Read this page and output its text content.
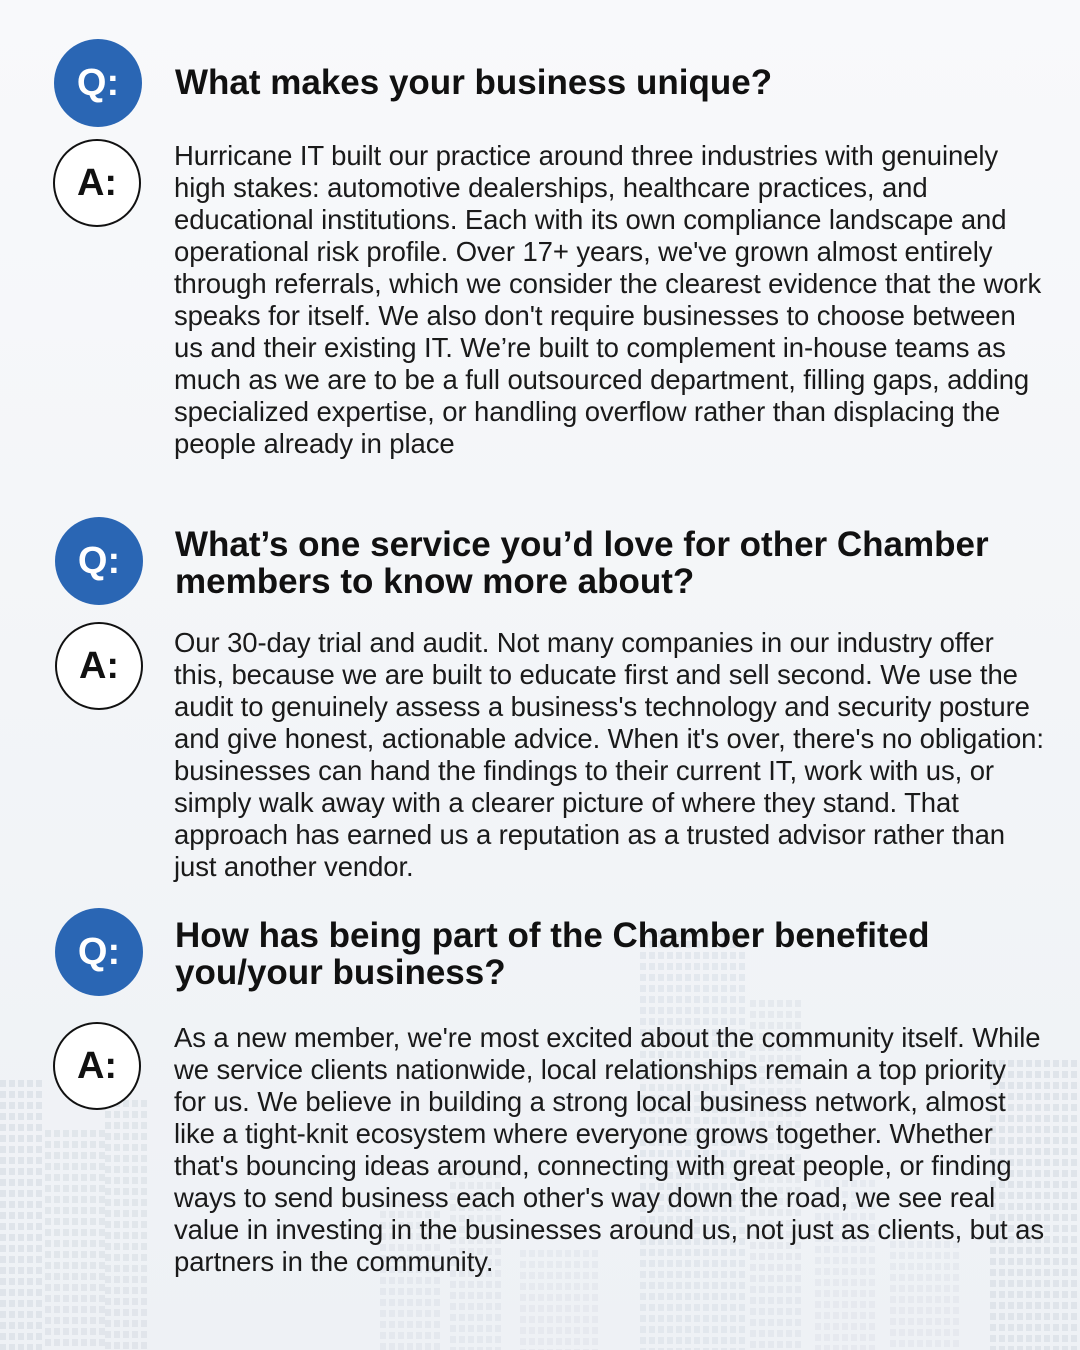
Q:	What makes your business unique?
A:

Hurricane IT built our practice around three industries with genuinely high stakes: automotive dealerships, healthcare practices, and educational institutions. Each with its own compliance landscape and operational risk profile. Over 17+ years, we've grown almost entirely through referrals, which we consider the clearest evidence that the work speaks for itself. We also don't require businesses to choose between us and their existing IT. We’re built to complement in-house teams as much as we are to be a full outsourced department, filling gaps, adding specialized expertise, or handling overflow rather than displacing the people already in place

Q:	What’s one service you’d love for other Chamber members to know more about?
A:

Our 30-day trial and audit. Not many companies in our industry offer this, because we are built to educate first and sell second. We use the audit to genuinely assess a business's technology and security posture and give honest, actionable advice. When it's over, there's no obligation: businesses can hand the findings to their current IT, work with us, or simply walk away with a clearer picture of where they stand. That approach has earned us a reputation as a trusted advisor rather than just another vendor.

Q:	How has being part of the Chamber benefited you/your business?
A:

As a new member, we're most excited about the community itself. While we service clients nationwide, local relationships remain a top priority for us. We believe in building a strong local business network, almost like a tight-knit ecosystem where everyone grows together. Whether that's bouncing ideas around, connecting with great people, or finding ways to send business each other's way down the road, we see real value in investing in the businesses around us, not just as clients, but as partners in the community.
